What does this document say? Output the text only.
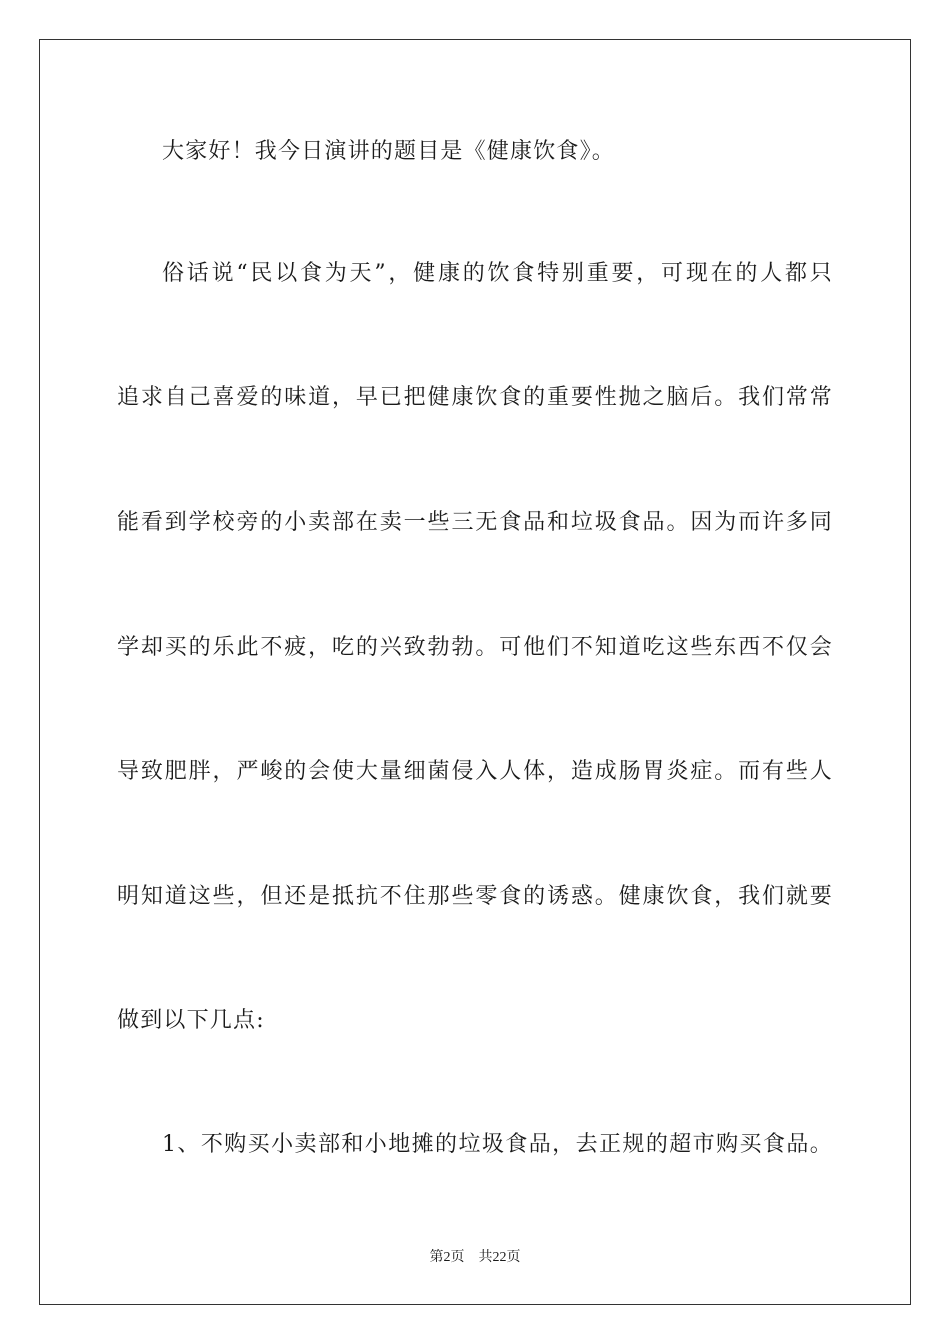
大家好！我今日演讲的题目是《健康饮食》。
俗话说“民以食为天”，健康的饮食特别重要，可现在的人都只
追求自己喜爱的味道，早已把健康饮食的重要性抛之脑后。我们常常
能看到学校旁的小卖部在卖一些三无食品和垃圾食品。因为而许多同
学却买的乐此不疲，吃的兴致勃勃。可他们不知道吃这些东西不仅会
导致肥胖，严峻的会使大量细菌侵入人体，造成肠胃炎症。而有些人
明知道这些，但还是抵抗不住那些零食的诱惑。健康饮食，我们就要
做到以下几点:
1、不购买小卖部和小地摊的垃圾食品，去正规的超市购买食品。
第2页 共22页
